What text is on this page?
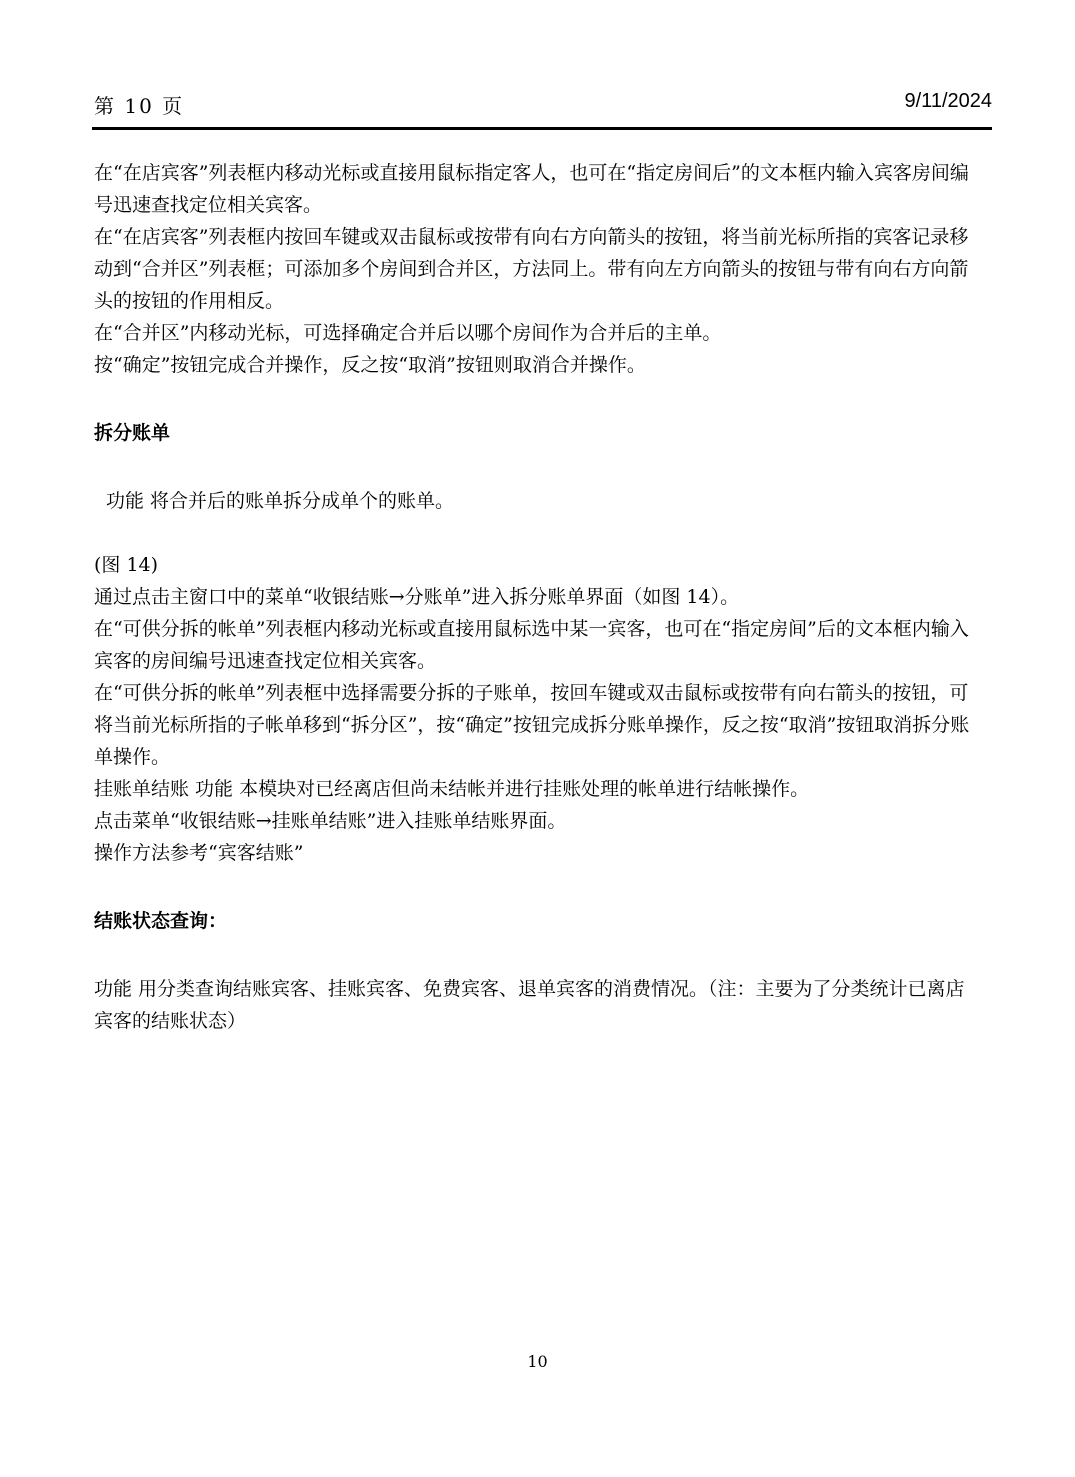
第 10 页	9/11/2024

在“在店宾客”列表框内移动光标或直接用鼠标指定客人，也可在“指定房间后”的文本框内输入宾客房间编号迅速查找定位相关宾客。

在“在店宾客”列表框内按回车键或双击鼠标或按带有向右方向箭头的按钮，将当前光标所指的宾客记录移动到“合并区”列表框；可添加多个房间到合并区，方法同上。带有向左方向箭头的按钮与带有向右方向箭头的按钮的作用相反。

在“合并区”内移动光标，可选择确定合并后以哪个房间作为合并后的主单。

按“确定”按钮完成合并操作，反之按“取消”按钮则取消合并操作。

拆分账单

功能 将合并后的账单拆分成单个的账单。

(图 14)

通过点击主窗口中的菜单“收银结账→分账单”进入拆分账单界面（如图 14）。

在“可供分拆的帐单”列表框内移动光标或直接用鼠标选中某一宾客，也可在“指定房间”后的文本框内输入宾客的房间编号迅速查找定位相关宾客。

在“可供分拆的帐单”列表框中选择需要分拆的子账单，按回车键或双击鼠标或按带有向右箭头的按钮，可将当前光标所指的子帐单移到“拆分区”，按“确定”按钮完成拆分账单操作，反之按“取消”按钮取消拆分账单操作。

挂账单结账 功能 本模块对已经离店但尚未结帐并进行挂账处理的帐单进行结帐操作。

点击菜单“收银结账→挂账单结账”进入挂账单结账界面。

操作方法参考“宾客结账”

结账状态查询：

功能 用分类查询结账宾客、挂账宾客、免费宾客、退单宾客的消费情况。（注：主要为了分类统计已离店宾客的结账状态）

10
